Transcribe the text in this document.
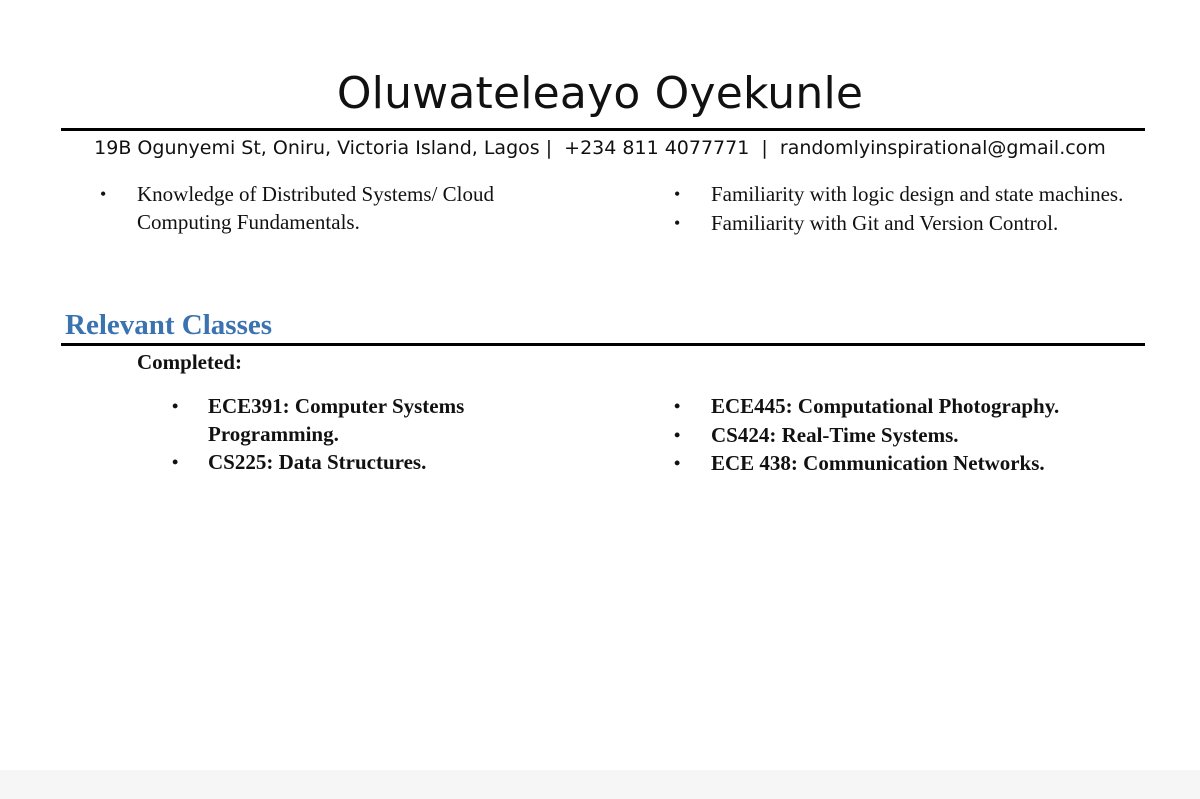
Oluwateleayo Oyekunle
19B Ogunyemi St, Oniru, Victoria Island, Lagos |  +234 811 4077771  |  randomlyinspirational@gmail.com
• Knowledge of Distributed Systems/ Cloud Computing Fundamentals.
• Familiarity with logic design and state machines.
• Familiarity with Git and Version Control.
Relevant Classes
Completed:
• ECE391: Computer Systems Programming.
• CS225: Data Structures.
• ECE445: Computational Photography.
• CS424: Real-Time Systems.
• ECE 438: Communication Networks.
